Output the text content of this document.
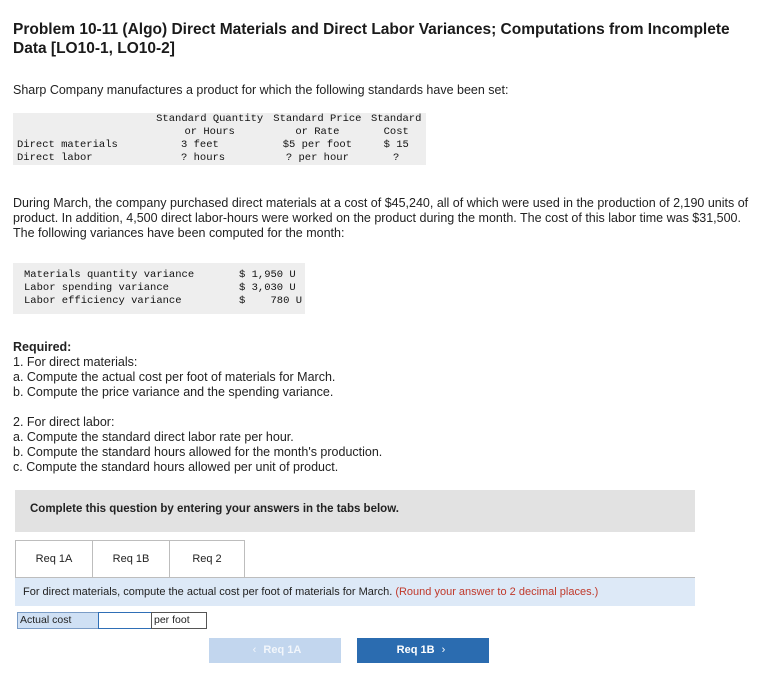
Problem 10-11 (Algo) Direct Materials and Direct Labor Variances; Computations from Incomplete Data [LO10-1, LO10-2]
Sharp Company manufactures a product for which the following standards have been set:
	Standard Quantity	Standard Price	Standard
	or Hours	or Rate	Cost
Direct materials	3 feet	$5 per foot	$ 15
Direct labor	? hours	? per hour	?
During March, the company purchased direct materials at a cost of $45,240, all of which were used in the production of 2,190 units of product. In addition, 4,500 direct labor-hours were worked on the product during the month. The cost of this labor time was $31,500. The following variances have been computed for the month:
Materials quantity variance	$ 1,950 U
Labor spending variance	$ 3,030 U
Labor efficiency variance	$    780 U
Required:
1. For direct materials:
a. Compute the actual cost per foot of materials for March.
b. Compute the price variance and the spending variance.
2. For direct labor:
a. Compute the standard direct labor rate per hour.
b. Compute the standard hours allowed for the month's production.
c. Compute the standard hours allowed per unit of product.
Complete this question by entering your answers in the tabs below.
Req 1A	Req 1B	Req 2
For direct materials, compute the actual cost per foot of materials for March. (Round your answer to 2 decimal places.)
Actual cost	per foot
‹ Req 1A	Req 1B ›
